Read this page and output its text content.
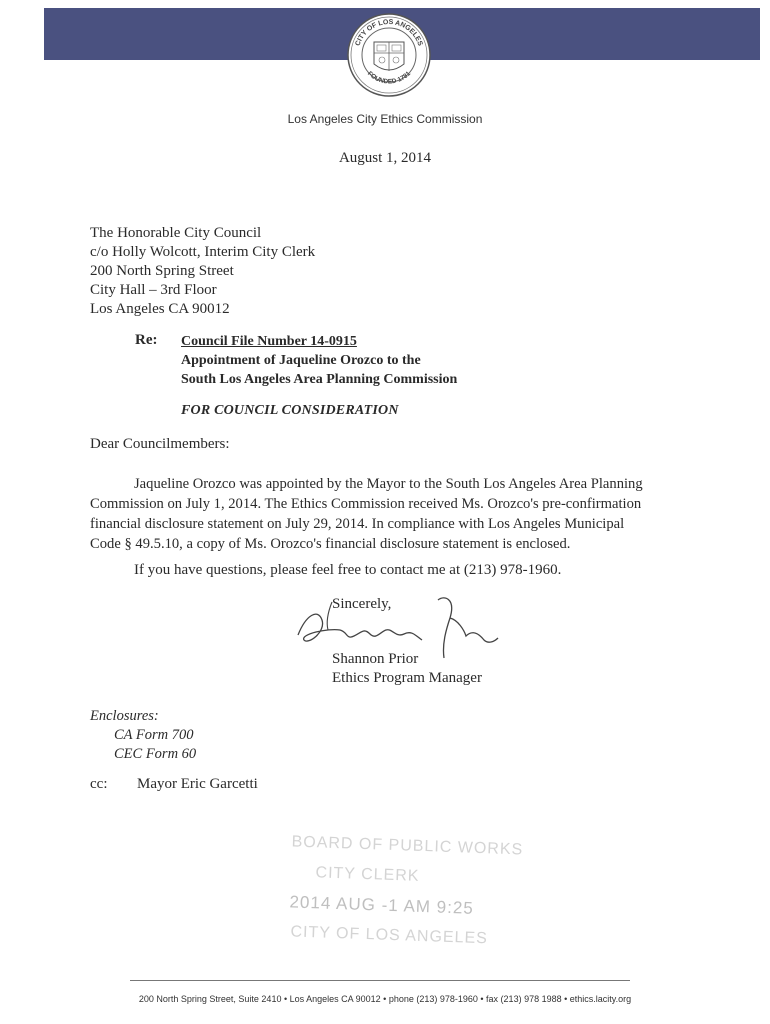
CITY OF LOS ANGELES
FOUNDED 1781
Los Angeles City Ethics Commission
August 1, 2014
The Honorable City Council
c/o Holly Wolcott, Interim City Clerk
200 North Spring Street
City Hall – 3rd Floor
Los Angeles CA 90012
Re: Council File Number 14-0915
Appointment of Jaqueline Orozco to the
South Los Angeles Area Planning Commission
FOR COUNCIL CONSIDERATION
Dear Councilmembers:
Jaqueline Orozco was appointed by the Mayor to the South Los Angeles Area Planning
Commission on July 1, 2014. The Ethics Commission received Ms. Orozco's pre-confirmation
financial disclosure statement on July 29, 2014. In compliance with Los Angeles Municipal
Code § 49.5.10, a copy of Ms. Orozco's financial disclosure statement is enclosed.
If you have questions, please feel free to contact me at (213) 978-1960.
Sincerely,
Shannon Prior
Ethics Program Manager
Enclosures:
CA Form 700
CEC Form 60
cc: Mayor Eric Garcetti
BOARD OF PUBLIC WORKS
CITY CLERK
2014 AUG -1 AM 9:25
CITY OF LOS ANGELES
200 North Spring Street, Suite 2410 • Los Angeles CA 90012 • phone (213) 978-1960 • fax (213) 978 1988 • ethics.lacity.org
